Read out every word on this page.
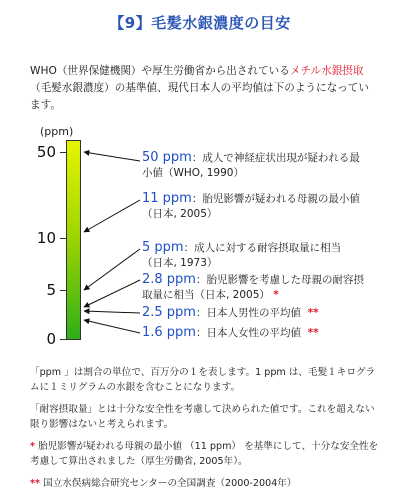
【9】毛髪水銀濃度の目安
WHO（世界保健機関）や厚生労働省から出されているメチル水銀摂取（毛髪水銀濃度）の基準値、現代日本人の平均値は下のようになっています。
(ppm)
50
10
5
0
50 ppm：成人で神経症状出現が疑われる最
小値（WHO, 1990）
11 ppm：胎児影響が疑われる母親の最小値
（日本, 2005）
5 ppm：成人に対する耐容摂取量に相当
（日本, 1973）
2.8 ppm：胎児影響を考慮した母親の耐容摂
取量に相当（日本, 2005） *
2.5 ppm：日本人男性の平均値 **
1.6 ppm：日本人女性の平均値 **
「ppm 」は割合の単位で、百万分の１を表します。1 ppm は、毛髪１キログラムに１ミリグラムの水銀を含むことになります。
「耐容摂取量」とは十分な安全性を考慮して決められた値です。これを超えない限り影響はないと考えられます。
* 胎児影響が疑われる母親の最小値 （11 ppm） を基準にして、十分な安全性を考慮して算出されました（厚生労働省, 2005年）。
** 国立水俣病総合研究センターの全国調査（2000-2004年）
